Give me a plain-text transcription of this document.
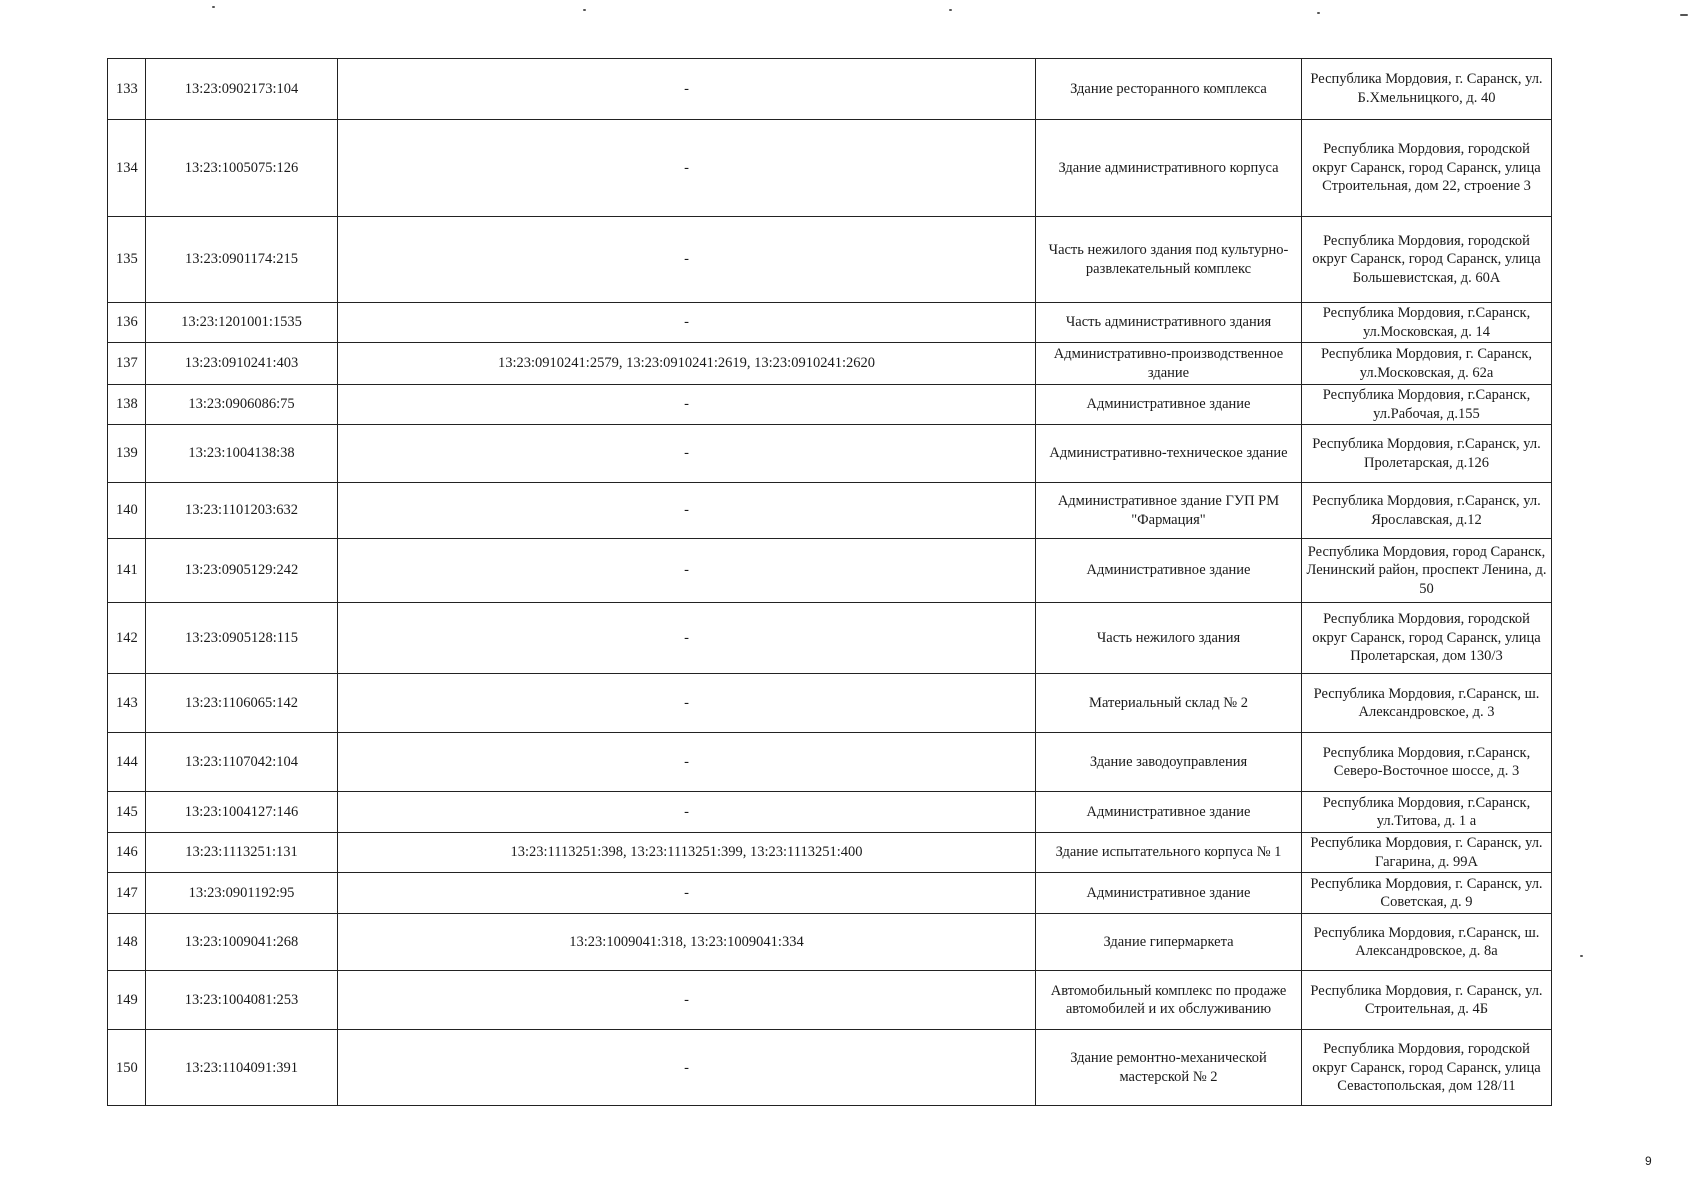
133	13:23:0902173:104	-	Здание ресторанного комплекса	Республика Мордовия, г. Саранск, ул. Б.Хмельницкого, д. 40
134	13:23:1005075:126	-	Здание административного корпуса	Республика Мордовия, городской округ Саранск, город Саранск, улица Строительная, дом 22, строение 3
135	13:23:0901174:215	-	Часть нежилого здания под культурно-развлекательный комплекс	Республика Мордовия, городской округ Саранск, город Саранск, улица Большевистская, д. 60А
136	13:23:1201001:1535	-	Часть административного здания	Республика Мордовия, г.Саранск, ул.Московская, д. 14
137	13:23:0910241:403	13:23:0910241:2579, 13:23:0910241:2619, 13:23:0910241:2620	Административно-производственное здание	Республика Мордовия, г. Саранск, ул.Московская, д. 62а
138	13:23:0906086:75	-	Административное здание	Республика Мордовия, г.Саранск, ул.Рабочая, д.155
139	13:23:1004138:38	-	Административно-техническое здание	Республика Мордовия, г.Саранск, ул. Пролетарская, д.126
140	13:23:1101203:632	-	Административное здание ГУП РМ "Фармация"	Республика Мордовия, г.Саранск, ул. Ярославская, д.12
141	13:23:0905129:242	-	Административное здание	Республика Мордовия, город Саранск, Ленинский район, проспект Ленина, д. 50
142	13:23:0905128:115	-	Часть нежилого здания	Республика Мордовия, городской округ Саранск, город Саранск, улица Пролетарская, дом 130/3
143	13:23:1106065:142	-	Материальный склад № 2	Республика Мордовия, г.Саранск, ш. Александровское, д. 3
144	13:23:1107042:104	-	Здание заводоуправления	Республика Мордовия, г.Саранск, Северо-Восточное шоссе, д. 3
145	13:23:1004127:146	-	Административное здание	Республика Мордовия, г.Саранск, ул.Титова, д. 1 а
146	13:23:1113251:131	13:23:1113251:398, 13:23:1113251:399, 13:23:1113251:400	Здание испытательного корпуса № 1	Республика Мордовия, г. Саранск, ул. Гагарина, д. 99А
147	13:23:0901192:95	-	Административное здание	Республика Мордовия, г. Саранск, ул. Советская, д. 9
148	13:23:1009041:268	13:23:1009041:318, 13:23:1009041:334	Здание гипермаркета	Республика Мордовия, г.Саранск, ш. Александровское, д. 8а
149	13:23:1004081:253	-	Автомобильный комплекс по продаже автомобилей и их обслуживанию	Республика Мордовия, г. Саранск, ул. Строительная, д. 4Б
150	13:23:1104091:391	-	Здание ремонтно-механической мастерской № 2	Республика Мордовия, городской округ Саранск, город Саранск, улица Севастопольская, дом 128/11
9
